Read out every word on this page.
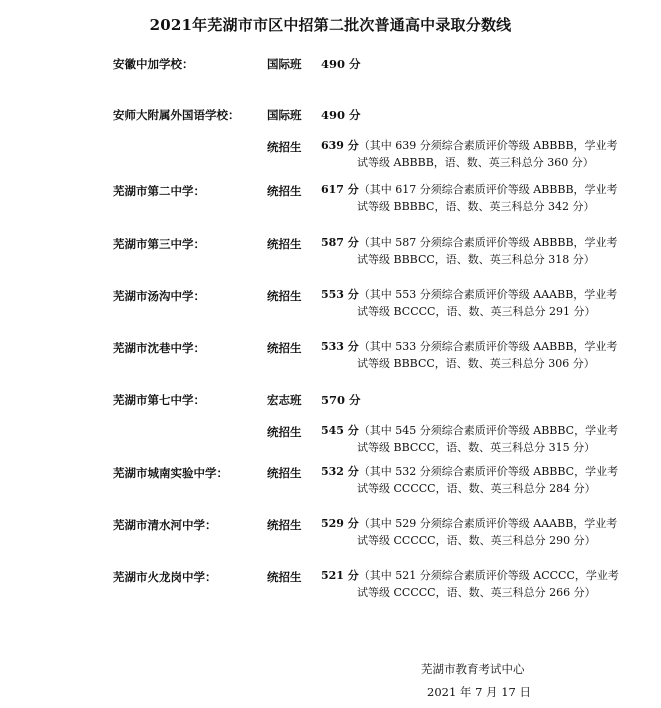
2021年芜湖市市区中招第二批次普通高中录取分数线
安徽中加学校：
安师大附属外国语学校：
芜湖市第二中学：
芜湖市第三中学：
芜湖市汤沟中学：
芜湖市沈巷中学：
芜湖市第七中学：
芜湖市城南实验中学：
芜湖市清水河中学：
芜湖市火龙岗中学：
国际班 490 分
国际班 490 分
统招生 639 分（其中 639 分须综合素质评价等级 ABBBB，学业考
试等级 ABBBB，语、数、英三科总分 360 分）
统招生 617 分（其中 617 分须综合素质评价等级 ABBBB，学业考
试等级 BBBBC，语、数、英三科总分 342 分）
统招生 587 分（其中 587 分须综合素质评价等级 ABBBB，学业考
试等级 BBBCC，语、数、英三科总分 318 分）
统招生 553 分（其中 553 分须综合素质评价等级 AAABB，学业考
试等级 BCCCC，语、数、英三科总分 291 分）
统招生 533 分（其中 533 分须综合素质评价等级 AABBB，学业考
试等级 BBBCC，语、数、英三科总分 306 分）
宏志班 570 分
统招生 545 分（其中 545 分须综合素质评价等级 ABBBC，学业考
试等级 BBCCC，语、数、英三科总分 315 分）
统招生 532 分（其中 532 分须综合素质评价等级 ABBBC，学业考
试等级 CCCCC，语、数、英三科总分 284 分）
统招生 529 分（其中 529 分须综合素质评价等级 AAABB，学业考
试等级 CCCCC，语、数、英三科总分 290 分）
统招生 521 分（其中 521 分须综合素质评价等级 ACCCC，学业考
试等级 CCCCC，语、数、英三科总分 266 分）
芜湖市教育考试中心
2021 年 7 月 17 日
